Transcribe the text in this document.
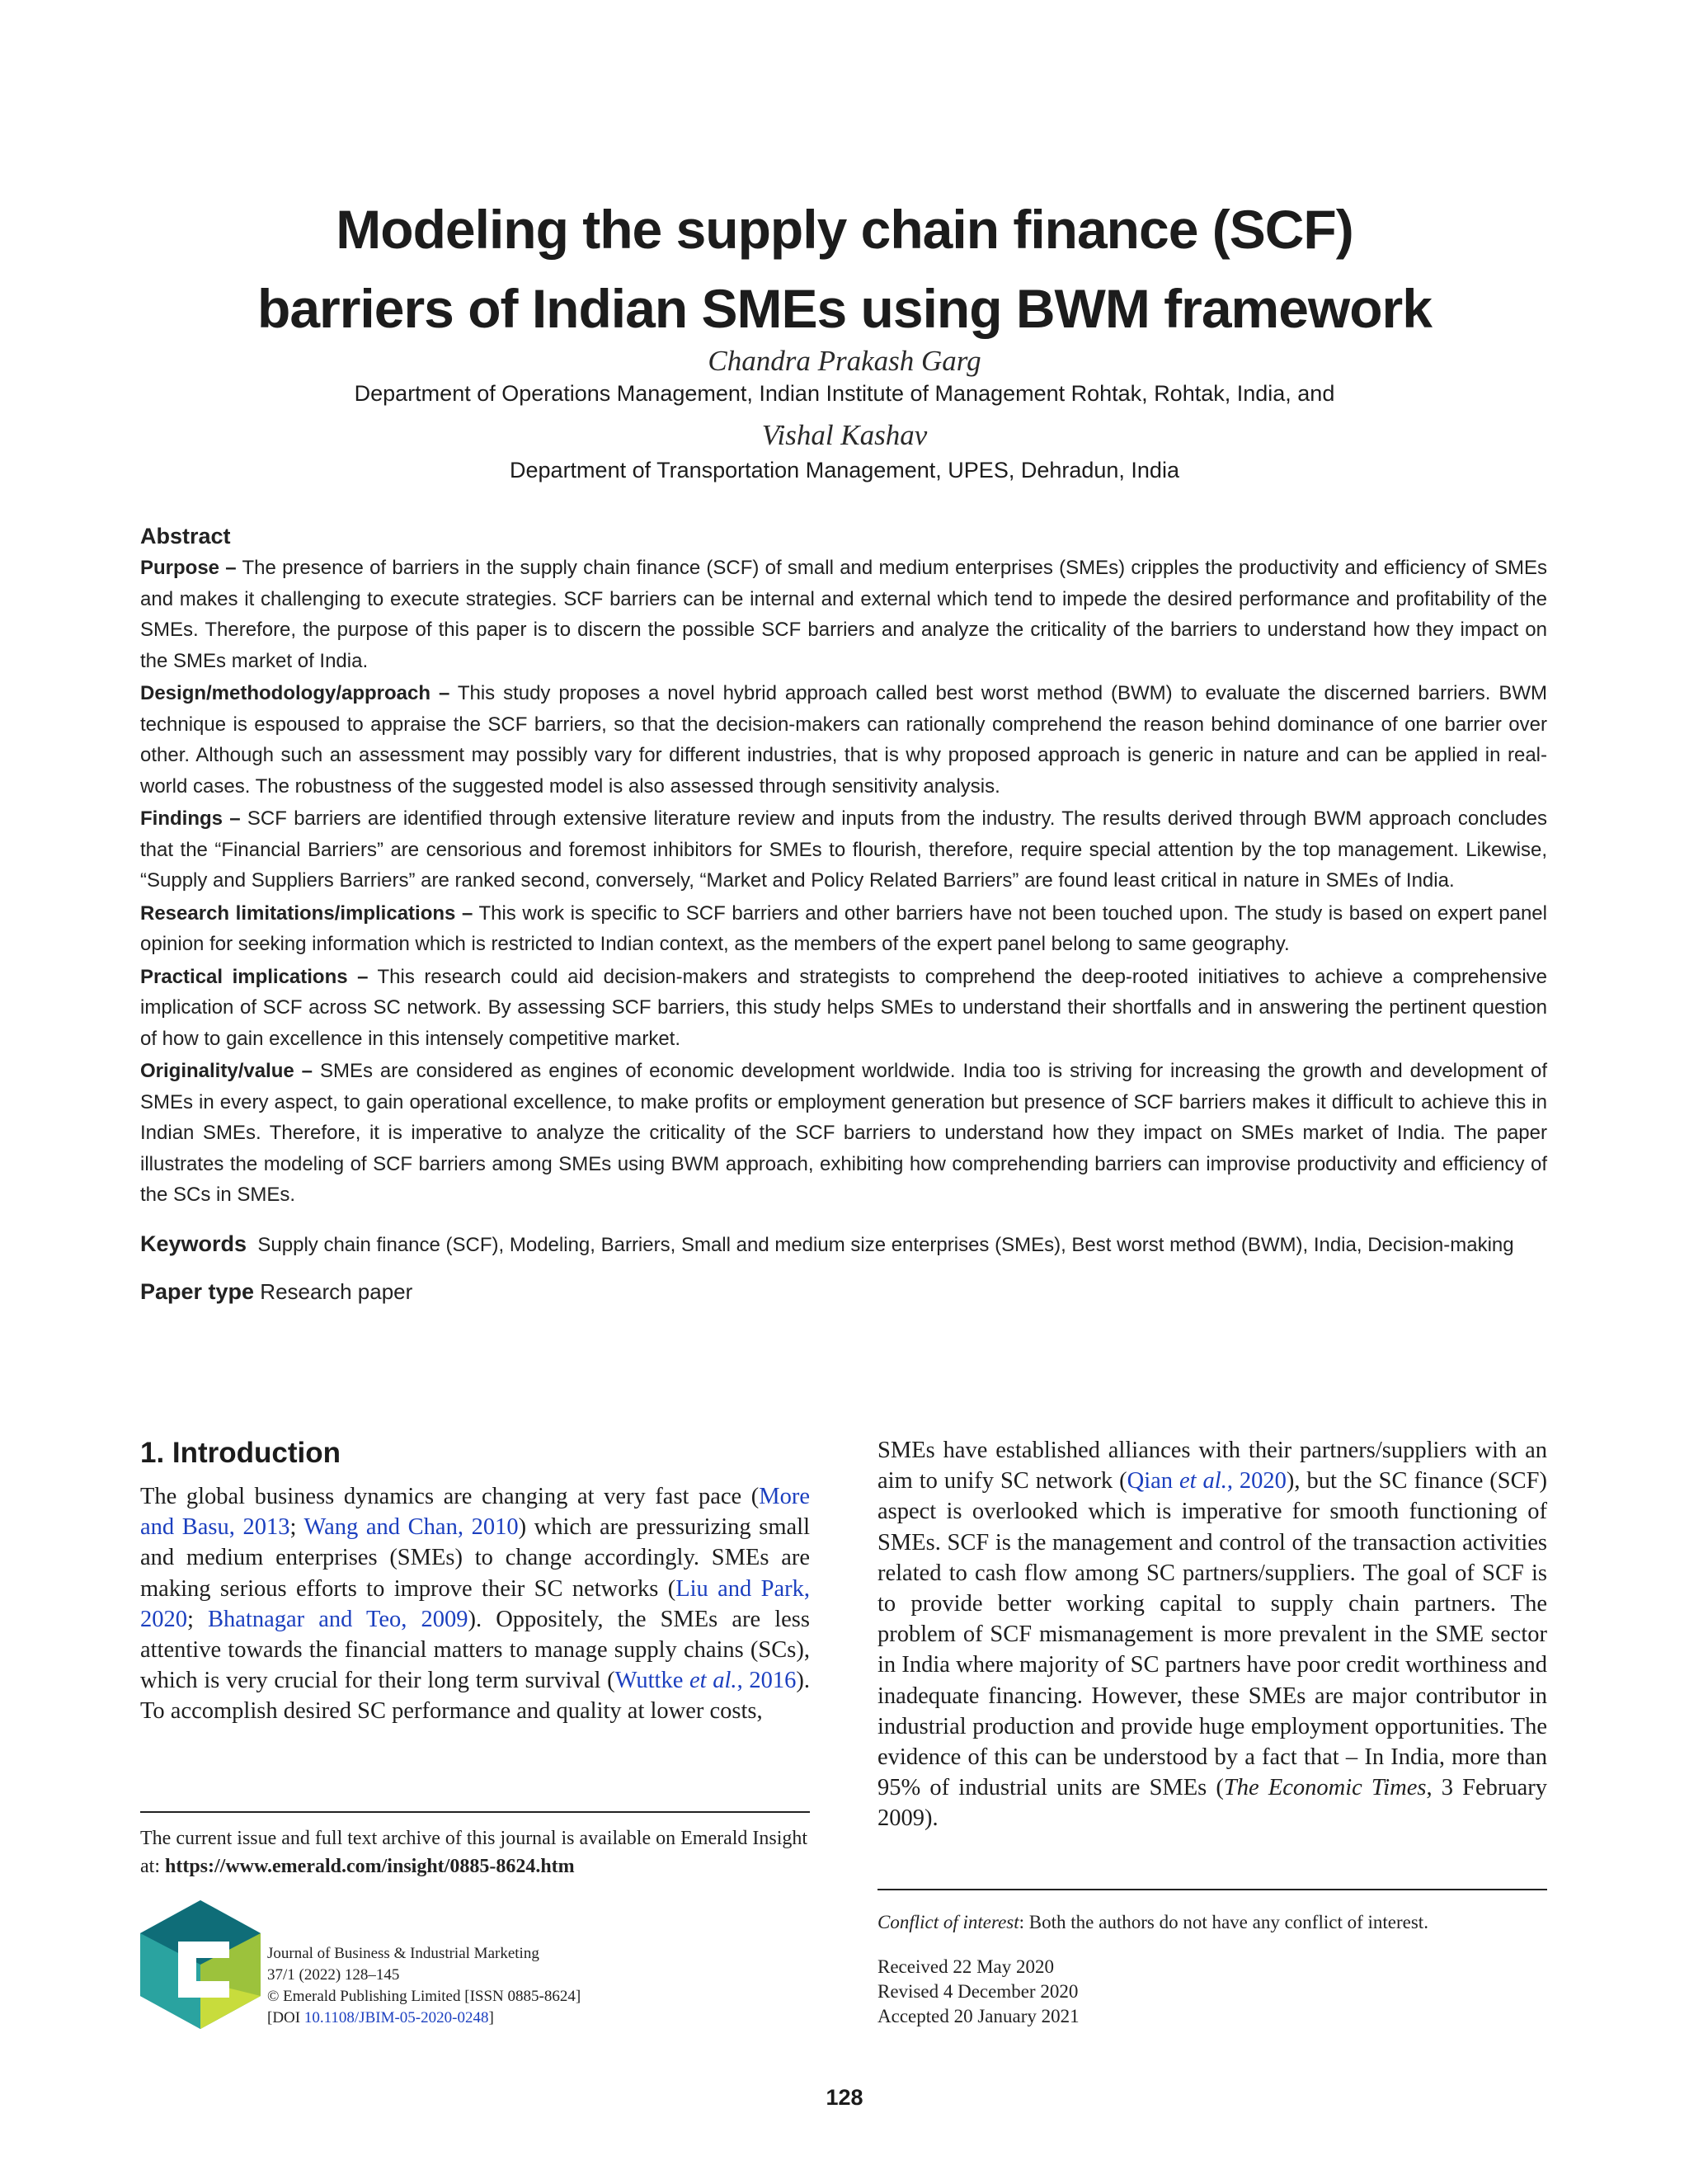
Modeling the supply chain finance (SCF)
barriers of Indian SMEs using BWM framework
Chandra Prakash Garg
Department of Operations Management, Indian Institute of Management Rohtak, Rohtak, India, and
Vishal Kashav
Department of Transportation Management, UPES, Dehradun, India
Abstract

Purpose – The presence of barriers in the supply chain finance (SCF) of small and medium enterprises (SMEs) cripples the productivity and efficiency of SMEs and makes it challenging to execute strategies. SCF barriers can be internal and external which tend to impede the desired performance and profitability of the SMEs. Therefore, the purpose of this paper is to discern the possible SCF barriers and analyze the criticality of the barriers to understand how they impact on the SMEs market of India.

Design/methodology/approach – This study proposes a novel hybrid approach called best worst method (BWM) to evaluate the discerned barriers. BWM technique is espoused to appraise the SCF barriers, so that the decision-makers can rationally comprehend the reason behind dominance of one barrier over other. Although such an assessment may possibly vary for different industries, that is why proposed approach is generic in nature and can be applied in real-world cases. The robustness of the suggested model is also assessed through sensitivity analysis.

Findings – SCF barriers are identified through extensive literature review and inputs from the industry. The results derived through BWM approach concludes that the “Financial Barriers” are censorious and foremost inhibitors for SMEs to flourish, therefore, require special attention by the top management. Likewise, “Supply and Suppliers Barriers” are ranked second, conversely, “Market and Policy Related Barriers” are found least critical in nature in SMEs of India.

Research limitations/implications – This work is specific to SCF barriers and other barriers have not been touched upon. The study is based on expert panel opinion for seeking information which is restricted to Indian context, as the members of the expert panel belong to same geography.

Practical implications – This research could aid decision-makers and strategists to comprehend the deep-rooted initiatives to achieve a comprehensive implication of SCF across SC network. By assessing SCF barriers, this study helps SMEs to understand their shortfalls and in answering the pertinent question of how to gain excellence in this intensely competitive market.

Originality/value – SMEs are considered as engines of economic development worldwide. India too is striving for increasing the growth and development of SMEs in every aspect, to gain operational excellence, to make profits or employment generation but presence of SCF barriers makes it difficult to achieve this in Indian SMEs. Therefore, it is imperative to analyze the criticality of the SCF barriers to understand how they impact on SMEs market of India. The paper illustrates the modeling of SCF barriers among SMEs using BWM approach, exhibiting how comprehending barriers can improvise productivity and efficiency of the SCs in SMEs.

Keywords Supply chain finance (SCF), Modeling, Barriers, Small and medium size enterprises (SMEs), Best worst method (BWM), India, Decision-making

Paper type Research paper

1. Introduction

The global business dynamics are changing at very fast pace (More and Basu, 2013; Wang and Chan, 2010) which are pressurizing small and medium enterprises (SMEs) to change accordingly. SMEs are making serious efforts to improve their SC networks (Liu and Park, 2020; Bhatnagar and Teo, 2009). Oppositely, the SMEs are less attentive towards the financial matters to manage supply chains (SCs), which is very crucial for their long term survival (Wuttke et al., 2016). To accomplish desired SC performance and quality at lower costs,

SMEs have established alliances with their partners/suppliers with an aim to unify SC network (Qian et al., 2020), but the SC finance (SCF) aspect is overlooked which is imperative for smooth functioning of SMEs. SCF is the management and control of the transaction activities related to cash flow among SC partners/suppliers. The goal of SCF is to provide better working capital to supply chain partners. The problem of SCF mismanagement is more prevalent in the SME sector in India where majority of SC partners have poor credit worthiness and inadequate financing. However, these SMEs are major contributor in industrial production and provide huge employment opportunities. The evidence of this can be understood by a fact that – In India, more than 95% of industrial units are SMEs (The Economic Times, 3 February 2009).

The current issue and full text archive of this journal is available on Emerald Insight at: https://www.emerald.com/insight/0885-8624.htm
Journal of Business & Industrial Marketing
37/1 (2022) 128–145
© Emerald Publishing Limited [ISSN 0885-8624]
[DOI 10.1108/JBIM-05-2020-0248]
Conflict of interest: Both the authors do not have any conflict of interest.
Received 22 May 2020
Revised 4 December 2020
Accepted 20 January 2021
128
